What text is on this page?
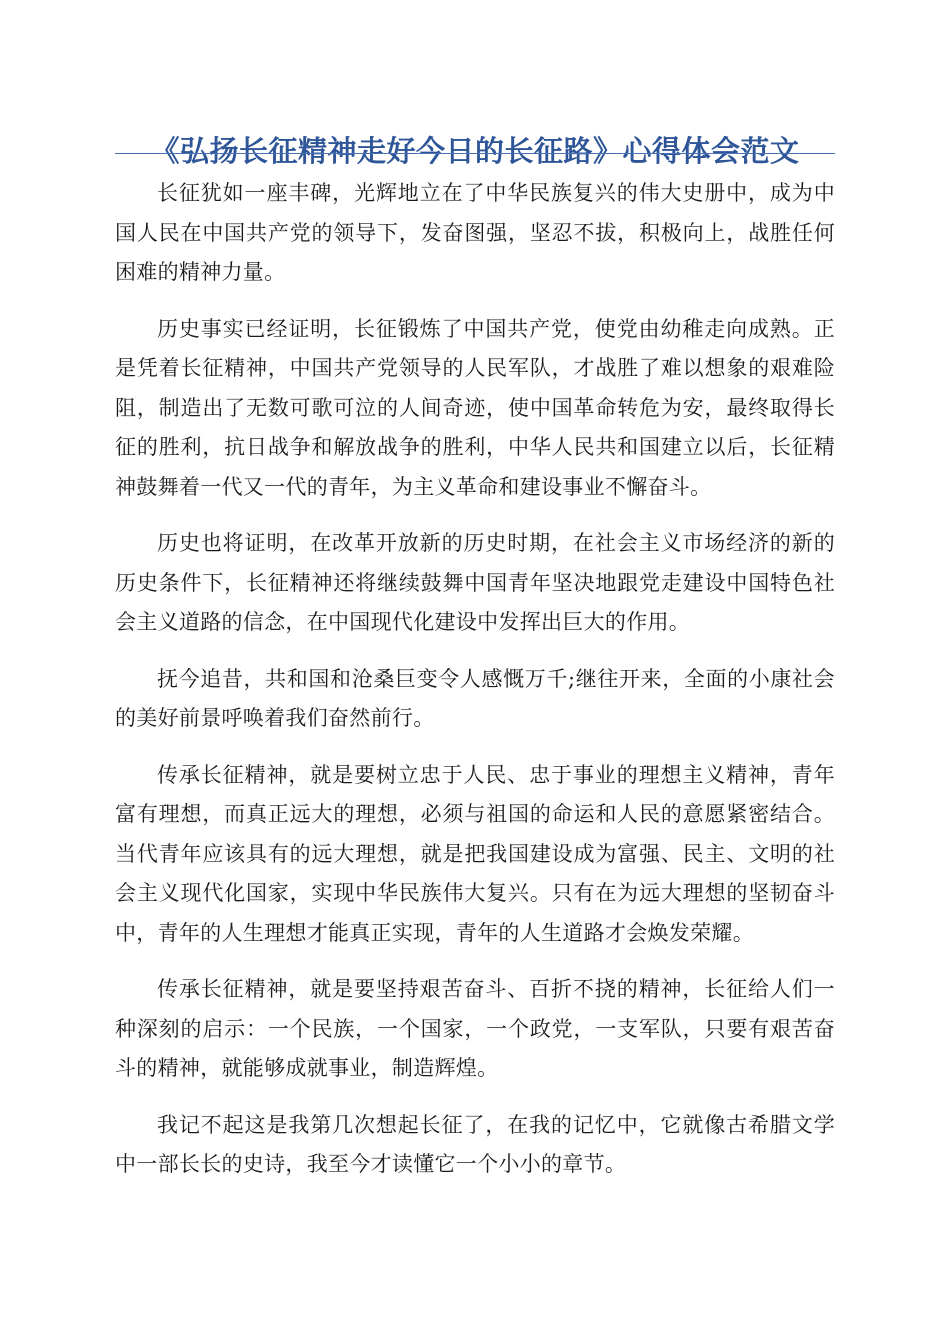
《弘扬长征精神走好今日的长征路》心得体会范文

长征犹如一座丰碑，光辉地立在了中华民族复兴的伟大史册中，成为中国人民在中国共产党的领导下，发奋图强，坚忍不拔，积极向上，战胜任何困难的精神力量。

历史事实已经证明，长征锻炼了中国共产党，使党由幼稚走向成熟。正是凭着长征精神，中国共产党领导的人民军队，才战胜了难以想象的艰难险阻，制造出了无数可歌可泣的人间奇迹，使中国革命转危为安，最终取得长征的胜利，抗日战争和解放战争的胜利，中华人民共和国建立以后，长征精神鼓舞着一代又一代的青年，为主义革命和建设事业不懈奋斗。

历史也将证明，在改革开放新的历史时期，在社会主义市场经济的新的历史条件下，长征精神还将继续鼓舞中国青年坚决地跟党走建设中国特色社会主义道路的信念，在中国现代化建设中发挥出巨大的作用。

抚今追昔，共和国和沧桑巨变令人感慨万千;继往开来，全面的小康社会的美好前景呼唤着我们奋然前行。

传承长征精神，就是要树立忠于人民、忠于事业的理想主义精神，青年富有理想，而真正远大的理想，必须与祖国的命运和人民的意愿紧密结合。当代青年应该具有的远大理想，就是把我国建设成为富强、民主、文明的社会主义现代化国家，实现中华民族伟大复兴。只有在为远大理想的坚韧奋斗中，青年的人生理想才能真正实现，青年的人生道路才会焕发荣耀。

传承长征精神，就是要坚持艰苦奋斗、百折不挠的精神，长征给人们一种深刻的启示：一个民族，一个国家，一个政党，一支军队，只要有艰苦奋斗的精神，就能够成就事业，制造辉煌。

我记不起这是我第几次想起长征了，在我的记忆中，它就像古希腊文学中一部长长的史诗，我至今才读懂它一个小小的章节。
